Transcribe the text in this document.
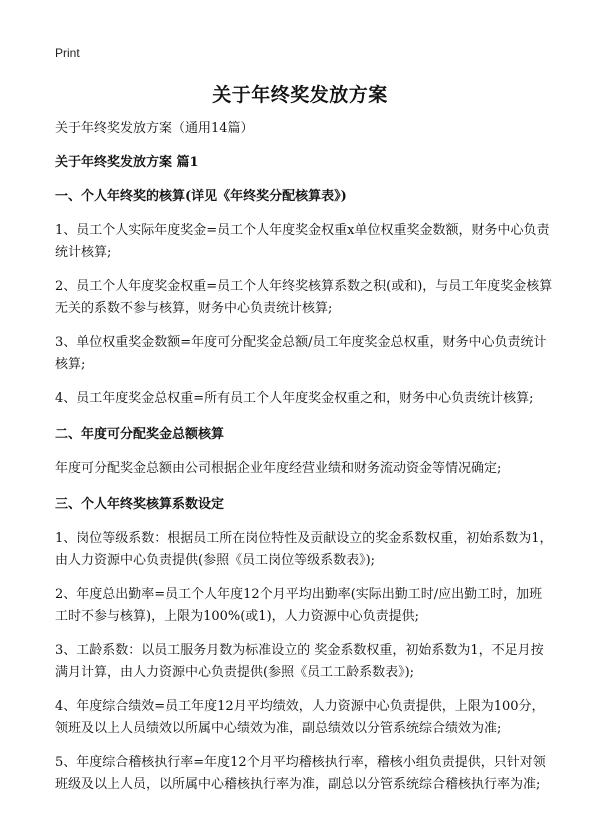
Print
关于年终奖发放方案

关于年终奖发放方案（通用14篇）

关于年终奖发放方案 篇1

一、个人年终奖的核算(详见《年终奖分配核算表》)

1、员工个人实际年度奖金=员工个人年度奖金权重x单位权重奖金数额，财务中心负责统计核算;

2、员工个人年度奖金权重=员工个人年终奖核算系数之积(或和)，与员工年度奖金核算无关的系数不参与核算，财务中心负责统计核算;

3、单位权重奖金数额=年度可分配奖金总额/员工年度奖金总权重，财务中心负责统计核算;

4、员工年度奖金总权重=所有员工个人年度奖金权重之和，财务中心负责统计核算;

二、年度可分配奖金总额核算

年度可分配奖金总额由公司根据企业年度经营业绩和财务流动资金等情况确定;

三、个人年终奖核算系数设定

1、岗位等级系数：根据员工所在岗位特性及贡献设立的奖金系数权重，初始系数为1，由人力资源中心负责提供(参照《员工岗位等级系数表》);

2、年度总出勤率=员工个人年度12个月平均出勤率(实际出勤工时/应出勤工时，加班工时不参与核算)，上限为100%(或1)，人力资源中心负责提供;

3、工龄系数：以员工服务月数为标准设立的 奖金系数权重，初始系数为1，不足月按满月计算，由人力资源中心负责提供(参照《员工工龄系数表》);

4、年度综合绩效=员工年度12月平均绩效，人力资源中心负责提供，上限为100分，领班及以上人员绩效以所属中心绩效为准，副总绩效以分管系统综合绩效为准;

5、年度综合稽核执行率=年度12个月平均稽核执行率，稽核小组负责提供，只针对领班级及以上人员，以所属中心稽核执行率为准，副总以分管系统综合稽核执行率为准;
